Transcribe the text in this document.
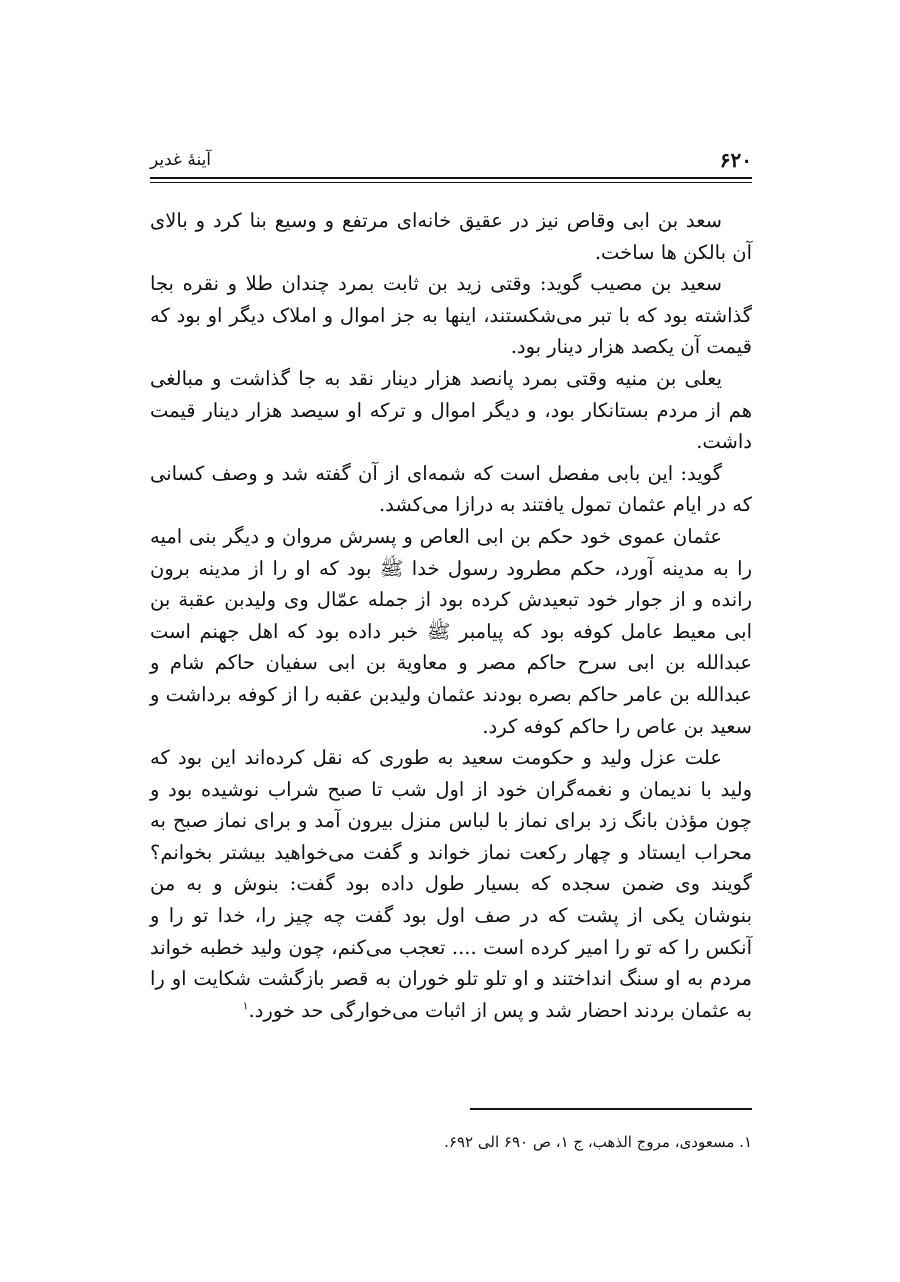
۶۲۰
آینۀ غدیر

سعد بن ابی وقاص نیز در عقیق خانه‌ای مرتفع و وسیع بنا کرد و بالای آن بالکن ها ساخت.

سعید بن مصیب گوید: وقتی زید بن ثابت بمرد چندان طلا و نقره بجا گذاشته بود که با تبر می‌شکستند، اینها به جز اموال و املاک دیگر او بود که قیمت آن یکصد هزار دینار بود.

یعلی بن منیه وقتی بمرد پانصد هزار دینار نقد به جا گذاشت و مبالغی هم از مردم بستانکار بود، و دیگر اموال و ترکه او سیصد هزار دینار قیمت داشت.

گوید: این بابی مفصل است که شمه‌ای از آن گفته شد و وصف کسانی که در ایام عثمان تمول یافتند به درازا می‌کشد.

عثمان عموی خود حکم بن ابی العاص و پسرش مروان و دیگر بنی امیه را به مدینه آورد، حکم مطرود رسول خدا ﷺ بود که او را از مدینه برون رانده و از جوار خود تبعیدش کرده بود از جمله عمّال وی ولیدبن عقبة بن ابی معیط عامل کوفه بود که پیامبر ﷺ خبر داده بود که اهل جهنم است عبدالله بن ابی سرح حاکم مصر و معاویة بن ابی سفیان حاکم شام و عبدالله بن عامر حاکم بصره بودند عثمان ولیدبن عقبه را از کوفه برداشت و سعید بن عاص را حاکم کوفه کرد.

علت عزل ولید و حکومت سعید به طوری که نقل کرده‌اند این بود که ولید با ندیمان و نغمه‌گران خود از اول شب تا صبح شراب نوشیده بود و چون مؤذن بانگ زد برای نماز با لباس منزل بیرون آمد و برای نماز صبح به محراب ایستاد و چهار رکعت نماز خواند و گفت می‌خواهید بیشتر بخوانم؟ گویند وی ضمن سجده که بسیار طول داده بود گفت: بنوش و به من بنوشان یکی از پشت که در صف اول بود گفت چه چیز را، خدا تو را و آنکس را که تو را امیر کرده است .... تعجب می‌کنم، چون ولید خطبه خواند مردم به او سنگ انداختند و او تلو تلو خوران به قصر بازگشت شکایت او را به عثمان بردند احضار شد و پس از اثبات می‌خوارگی حد خورد.$^۱$

۱. مسعودی، مروج الذهب، ج ۱، ص ۶۹۰ الی ۶۹۲.
